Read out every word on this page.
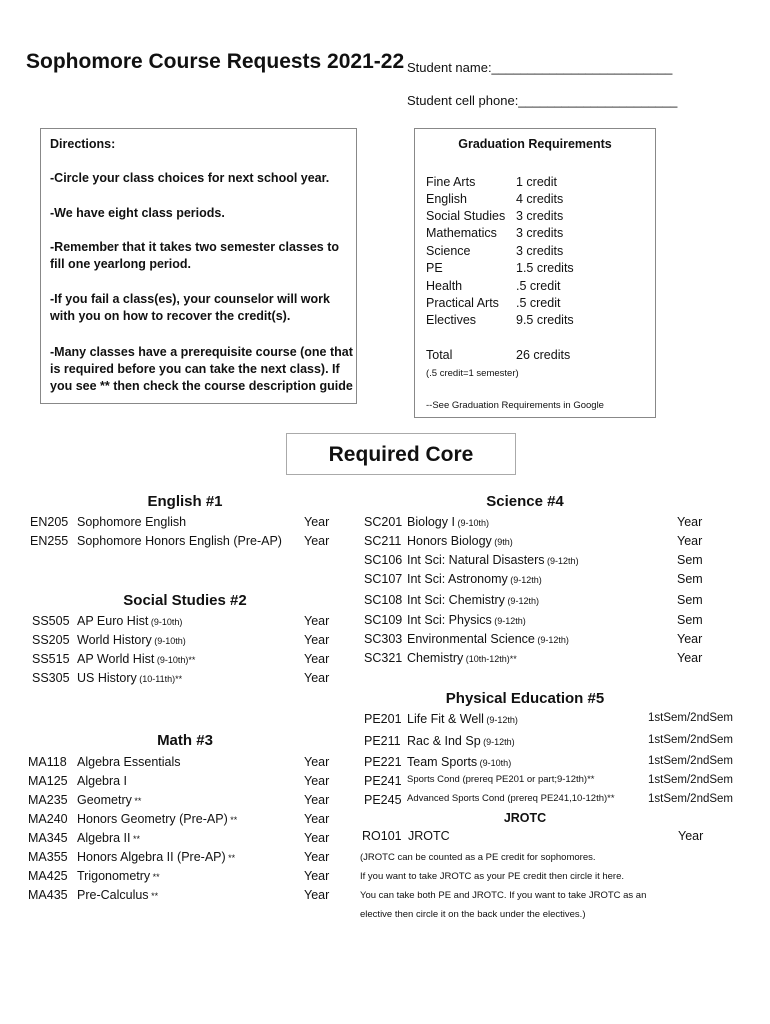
Sophomore Course Requests 2021-22 Student name:_________________________
Student cell phone:______________________
Directions:
-Circle your class choices for next school year.
-We have eight class periods.
-Remember that it takes two semester classes to fill one yearlong period.
-If you fail a class(es), your counselor will work with you on how to recover the credit(s).
-Many classes have a prerequisite course (one that is required before you can take the next class). If you see ** then check the course description guide
Graduation Requirements
Fine Arts	1 credit
English	4 credits
Social Studies 3 credits
Mathematics 3 credits
Science	3 credits
PE	1.5 credits
Health	.5 credit
Practical Arts .5 credit
Electives	9.5 credits
Total	26 credits
(.5 credit=1 semester)
--See Graduation Requirements in Google
Required Core
English #1
EN205 Sophomore English	Year
EN255 Sophomore Honors English (Pre-AP) Year
Social Studies #2
SS505 AP Euro Hist (9-10th)	Year
SS205 World History (9-10th)	Year
SS515 AP World Hist (9-10th)**	Year
SS305 US History (10-11th)**	Year
Math #3
MA118 Algebra Essentials	Year
MA125 Algebra I	Year
MA235 Geometry **	Year
MA240 Honors Geometry (Pre-AP) **	Year
MA345 Algebra II **	Year
MA355 Honors Algebra II (Pre-AP) **	Year
MA425 Trigonometry **	Year
MA435 Pre-Calculus **	Year
Science #4
SC201 Biology I (9-10th)	Year
SC211 Honors Biology (9th)	Year
SC106 Int Sci: Natural Disasters (9-12th)	Sem
SC107 Int Sci: Astronomy (9-12th)	Sem
SC108 Int Sci: Chemistry (9-12th)	Sem
SC109 Int Sci: Physics (9-12th)	Sem
SC303 Environmental Science (9-12th)	Year
SC321 Chemistry (10th-12th)**	Year
Physical Education #5
PE201 Life Fit & Well (9-12th)	1stSem/2ndSem
PE211 Rac & Ind Sp (9-12th)	1stSem/2ndSem
PE221 Team Sports (9-10th)	1stSem/2ndSem
PE241 Sports Cond (prereq PE201 or part;9-12th)**	1stSem/2ndSem
PE245 Advanced Sports Cond (prereq PE241,10-12th)**	1stSem/2ndSem
JROTC
RO101 JROTC	Year
(JROTC can be counted as a PE credit for sophomores.
If you want to take JROTC as your PE credit then circle it here.
You can take both PE and JROTC. If you want to take JROTC as an
elective then circle it on the back under the electives.)
